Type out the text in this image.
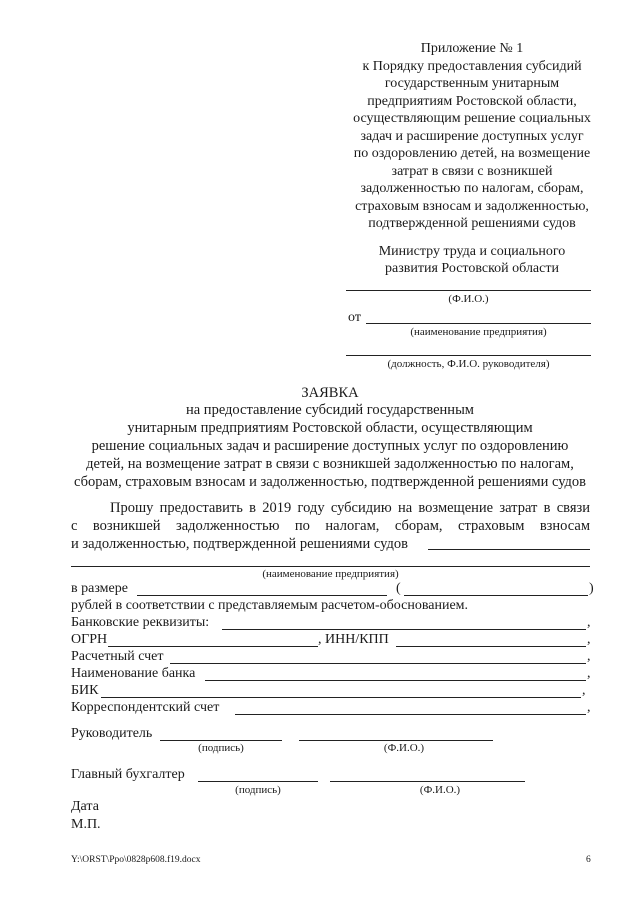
Приложение № 1
к Порядку предоставления субсидий
государственным унитарным
предприятиям Ростовской области,
осуществляющим решение социальных
задач и расширение доступных услуг
по оздоровлению детей, на возмещение
затрат в связи с возникшей
задолженностью по налогам, сборам,
страховым взносам и задолженностью,
подтвержденной решениями судов
Министру труда и социального
развития Ростовской области
(Ф.И.О.)
от
(наименование предприятия)
(должность, Ф.И.О. руководителя)
ЗАЯВКА
на предоставление субсидий государственным
унитарным предприятиям Ростовской области, осуществляющим
решение социальных задач и расширение доступных услуг по оздоровлению
детей, на возмещение затрат в связи с возникшей задолженностью по налогам,
сборам, страховым взносам и задолженностью, подтвержденной решениями судов
Прошу предоставить в 2019 году субсидию на возмещение затрат в связи
с возникшей задолженностью по налогам, сборам, страховым взносам
и задолженностью, подтвержденной решениями судов
(наименование предприятия)
в размере	(	)
рублей в соответствии с представляемым расчетом-обоснованием.
Банковские реквизиты:	,
ОГРН	, ИНН/КПП	,
Расчетный счет	,
Наименование банка	,
БИК	,
Корреспондентский счет	,
Руководитель
(подпись)	(Ф.И.О.)
Главный бухгалтер
(подпись)	(Ф.И.О.)
Дата
М.П.
Y:\ORST\Ppo\0828p608.f19.docx	6
